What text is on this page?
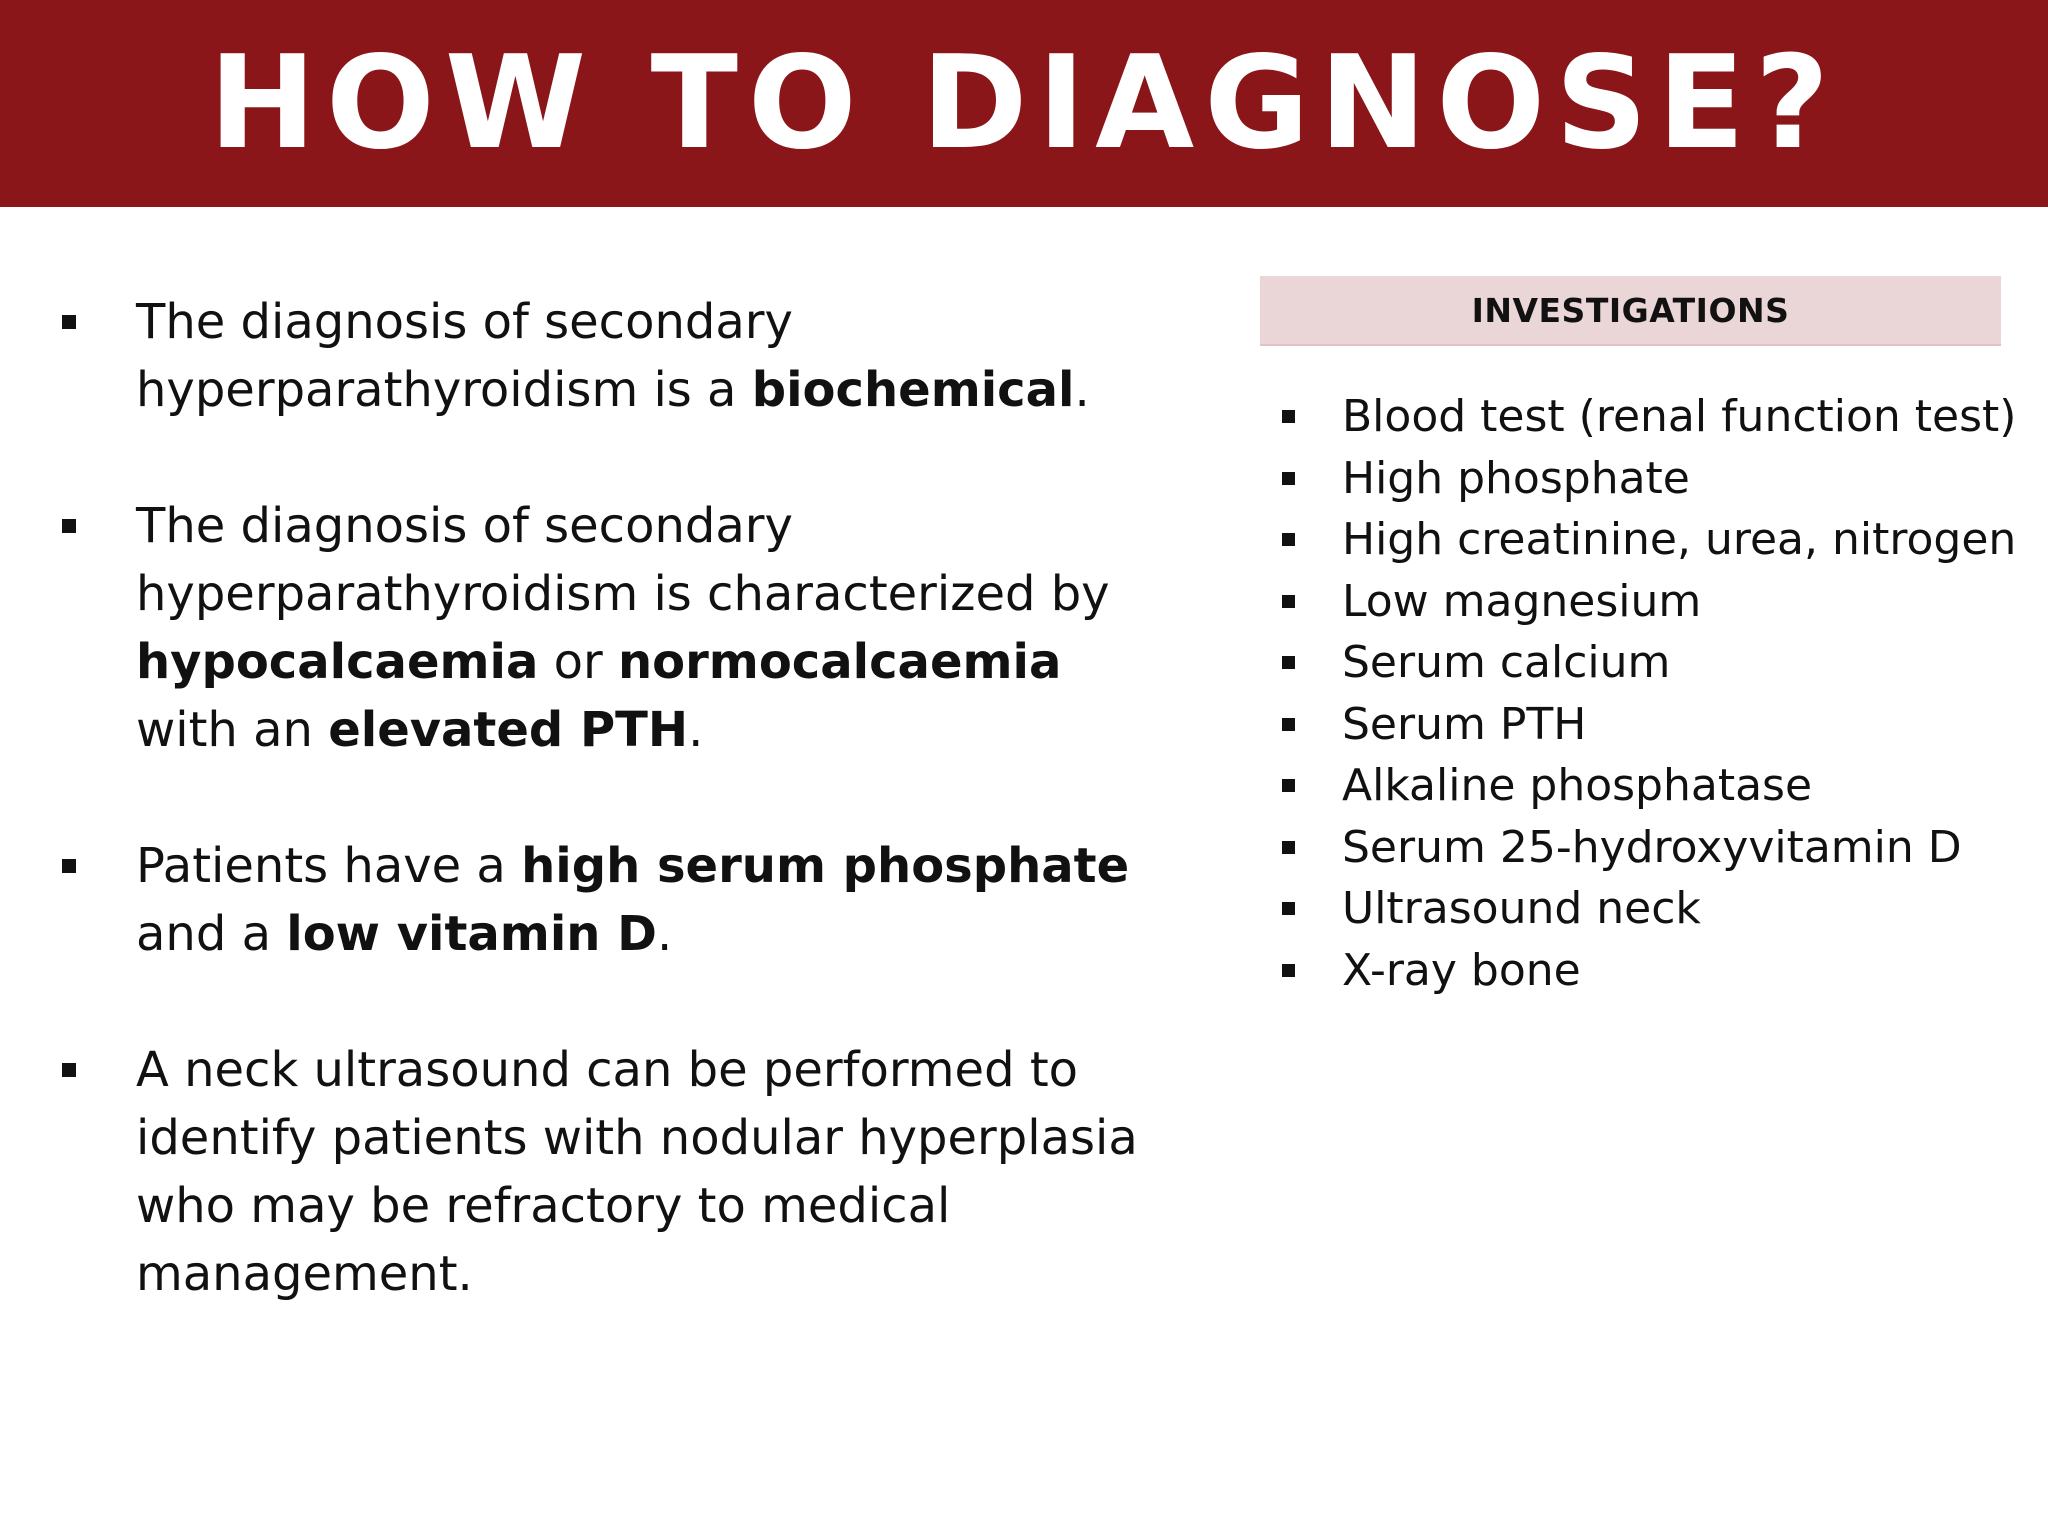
HOW TO DIAGNOSE?
The diagnosis of secondary hyperparathyroidism is a biochemical.
The diagnosis of secondary hyperparathyroidism is characterized by hypocalcaemia or normocalcaemia with an elevated PTH.
Patients have a high serum phosphate and a low vitamin D.
A neck ultrasound can be performed to identify patients with nodular hyperplasia who may be refractory to medical management.
INVESTIGATIONS
Blood test (renal function test)
High phosphate
High creatinine, urea, nitrogen
Low magnesium
Serum calcium
Serum PTH
Alkaline phosphatase
Serum 25-hydroxyvitamin D
Ultrasound neck
X-ray bone
